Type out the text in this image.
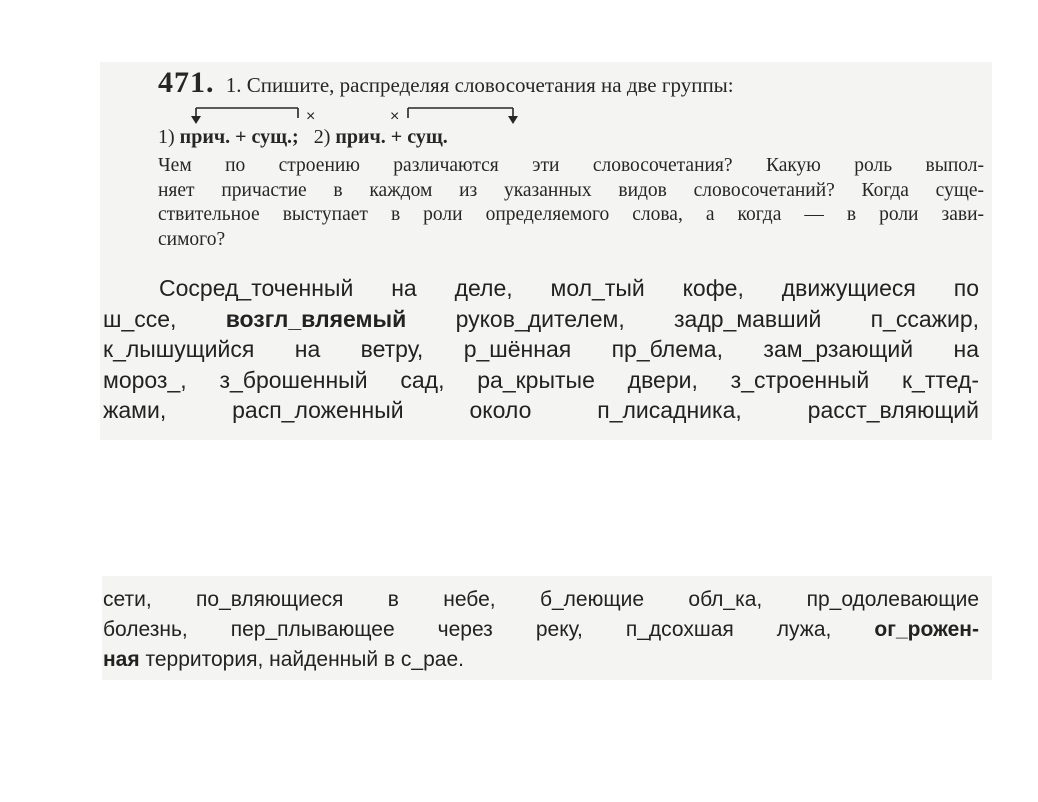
471. 1. Спишите, распределяя словосочетания на две группы:
×	×
1) прич. + сущ.; 2) прич. + сущ.
Чем по строению различаются эти словосочетания? Какую роль выпол-
няет причастие в каждом из указанных видов словосочетаний? Когда суще-
ствительное выступает в роли определяемого слова, а когда — в роли зави-
симого?
Сосред_точенный на деле, мол_тый кофе, движущиеся по
ш_ссе, возгл_вляемый руков_дителем, задр_мавший п_ссажир,
к_лышущийся на ветру, р_шённая пр_блема, зам_рзающий на
мороз_, з_брошенный сад, ра_крытые двери, з_строенный к_ттед-
жами, расп_ложенный около п_лисадника, расст_вляющий
сети, по_вляющиеся в небе, б_леющие обл_ка, пр_одолевающие
болезнь, пер_плывающее через реку, п_дсохшая лужа, ог_рожен-
ная территория, найденный в с_рае.
